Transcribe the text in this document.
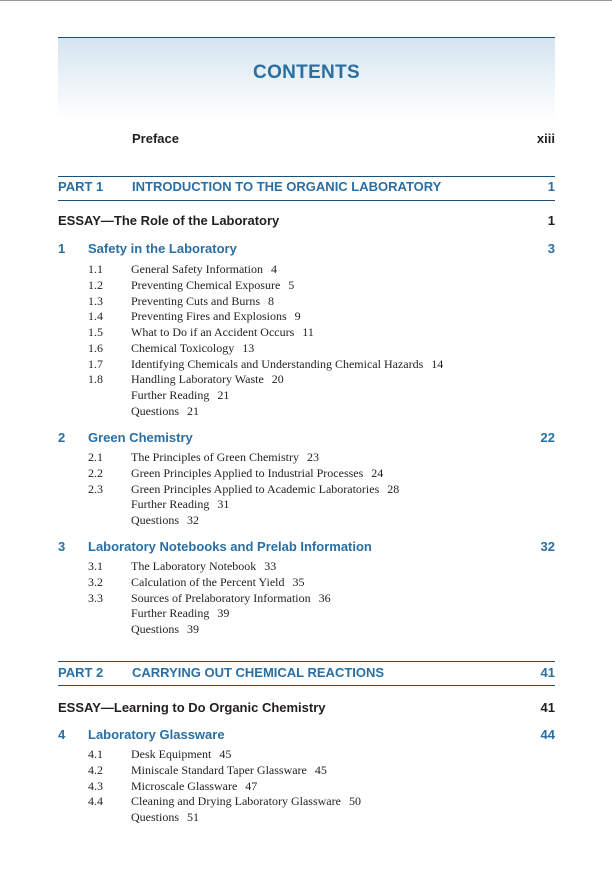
CONTENTS
Preface	xiii
PART 1 INTRODUCTION TO THE ORGANIC LABORATORY	1
ESSAY—The Role of the Laboratory	1
1 Safety in the Laboratory	3
1.1 General Safety Information 4
1.2 Preventing Chemical Exposure 5
1.3 Preventing Cuts and Burns 8
1.4 Preventing Fires and Explosions 9
1.5 What to Do if an Accident Occurs 11
1.6 Chemical Toxicology 13
1.7 Identifying Chemicals and Understanding Chemical Hazards 14
1.8 Handling Laboratory Waste 20
Further Reading 21
Questions 21
2 Green Chemistry	22
2.1 The Principles of Green Chemistry 23
2.2 Green Principles Applied to Industrial Processes 24
2.3 Green Principles Applied to Academic Laboratories 28
Further Reading 31
Questions 32
3 Laboratory Notebooks and Prelab Information	32
3.1 The Laboratory Notebook 33
3.2 Calculation of the Percent Yield 35
3.3 Sources of Prelaboratory Information 36
Further Reading 39
Questions 39
PART 2 CARRYING OUT CHEMICAL REACTIONS	41
ESSAY—Learning to Do Organic Chemistry	41
4 Laboratory Glassware	44
4.1 Desk Equipment 45
4.2 Miniscale Standard Taper Glassware 45
4.3 Microscale Glassware 47
4.4 Cleaning and Drying Laboratory Glassware 50
Questions 51
